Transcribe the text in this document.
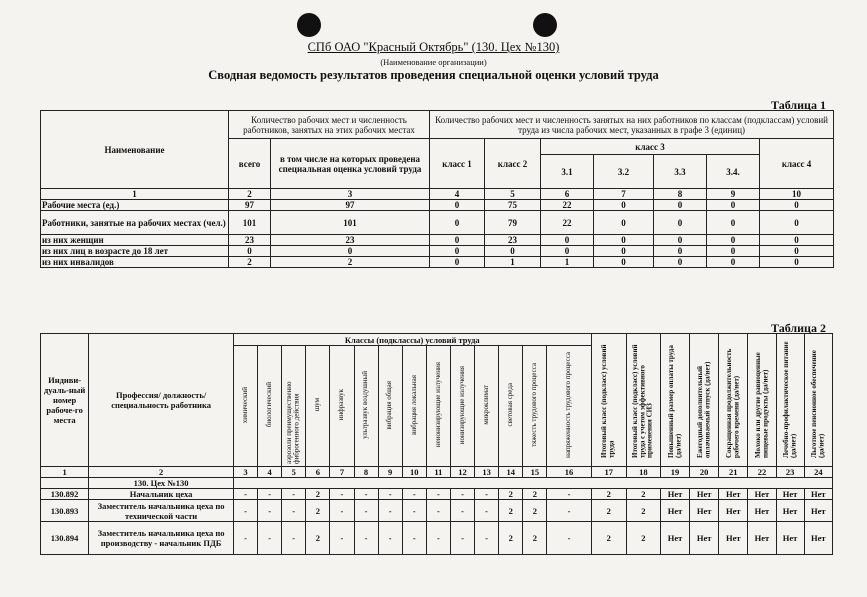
СПб ОАО "Красный Октябрь" (130. Цех №130)
(Наименование организации)
Сводная ведомость результатов проведения специальной оценки условий труда
Таблица 1
Наименование	Количество рабочих мест и численность работников, занятых на этих рабочих местах		Количество рабочих мест и численность занятых на них работников по классам (подклассам) условий труда из числа рабочих мест, указанных в графе 3 (единиц)						
	всего	в том числе на которых проведена специальная оценка условий труда	класс 1	класс 2	класс 3				класс 4
					3.1	3.2	3.3	3.4.	
1	2	3	4	5	6	7	8	9	10
Рабочие места (ед.)	97	97	0	75	22	0	0	0	0
Работники, занятые на рабочих местах (чел.)	101	101	0	79	22	0	0	0	0
из них женщин	23	23	0	23	0	0	0	0	0
из них лиц в возрасте до 18 лет	0	0	0	0	0	0	0	0	0
из них инвалидов	2	2	0	1	1	0	0	0	0
Таблица 2
Индиви-дуаль-ный номер рабоче-го места	Профессия/ должность/ специальность работника	Классы (подклассы) условий труда														Итоговый класс (подкласс) условий труда	Итоговый класс (подкласс) условий труда с учетом эффективного применения СИЗ	Повышенный размер оплаты труда (да/нет)	Ежегодный дополнительный оплачиваемый отпуск (да/нет)	Сокращенная продолжительность рабочего времени (да/нет)	Молоко или другие равноценные пищевые продукты (да/нет)	Лечебно-профилактическое питание (да/нет)	Льготное пенсионное обеспечение (да/нет)
		химический	биологический	аэрозоли преимущественно фиброгенного действия	шум	инфразвук	ультразвук воздушный	вибрация общая	вибрация локальная	неионизирующие излучения	ионизирующие излучения	микроклимат	световая среда	тяжесть трудового процесса	напряженность трудового процесса								
1	2	3	4	5	6	7	8	9	10	11	12	13	14	15	16	17	18	19	20	21	22	23	24
	130. Цех №130																						
130.892	Начальник цеха	-	-	-	2	-	-	-	-	-	-	-	2	2	-	2	2	Нет	Нет	Нет	Нет	Нет	Нет
130.893	Заместитель начальника цеха по технической части	-	-	-	2	-	-	-	-	-	-	-	2	2	-	2	2	Нет	Нет	Нет	Нет	Нет	Нет
130.894	Заместитель начальника цеха по производству - начальник ПДБ	-	-	-	2	-	-	-	-	-	-	-	2	2	-	2	2	Нет	Нет	Нет	Нет	Нет	Нет
